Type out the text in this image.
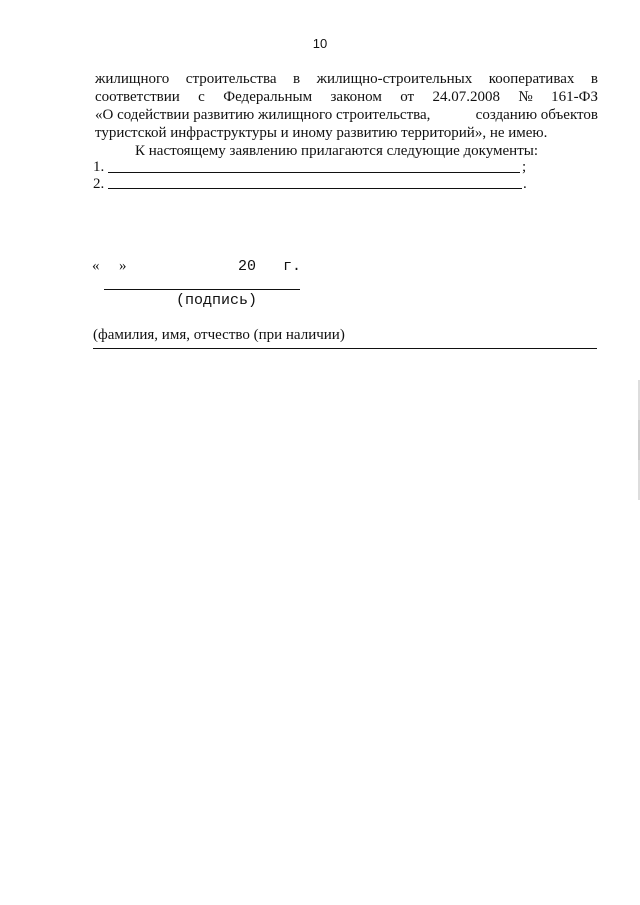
10
жилищного строительства в жилищно-строительных кооперативах в
соответствии с Федеральным законом от 24.07.2008 № 161-ФЗ
«О содействии развитию жилищного строительства,	созданию объектов
туристской инфраструктуры и иному развитию территорий», не имею.
К настоящему заявлению прилагаются следующие документы:
1.	;
2.	.
« »	20 г.
(подпись)
(фамилия, имя, отчество (при наличии)
